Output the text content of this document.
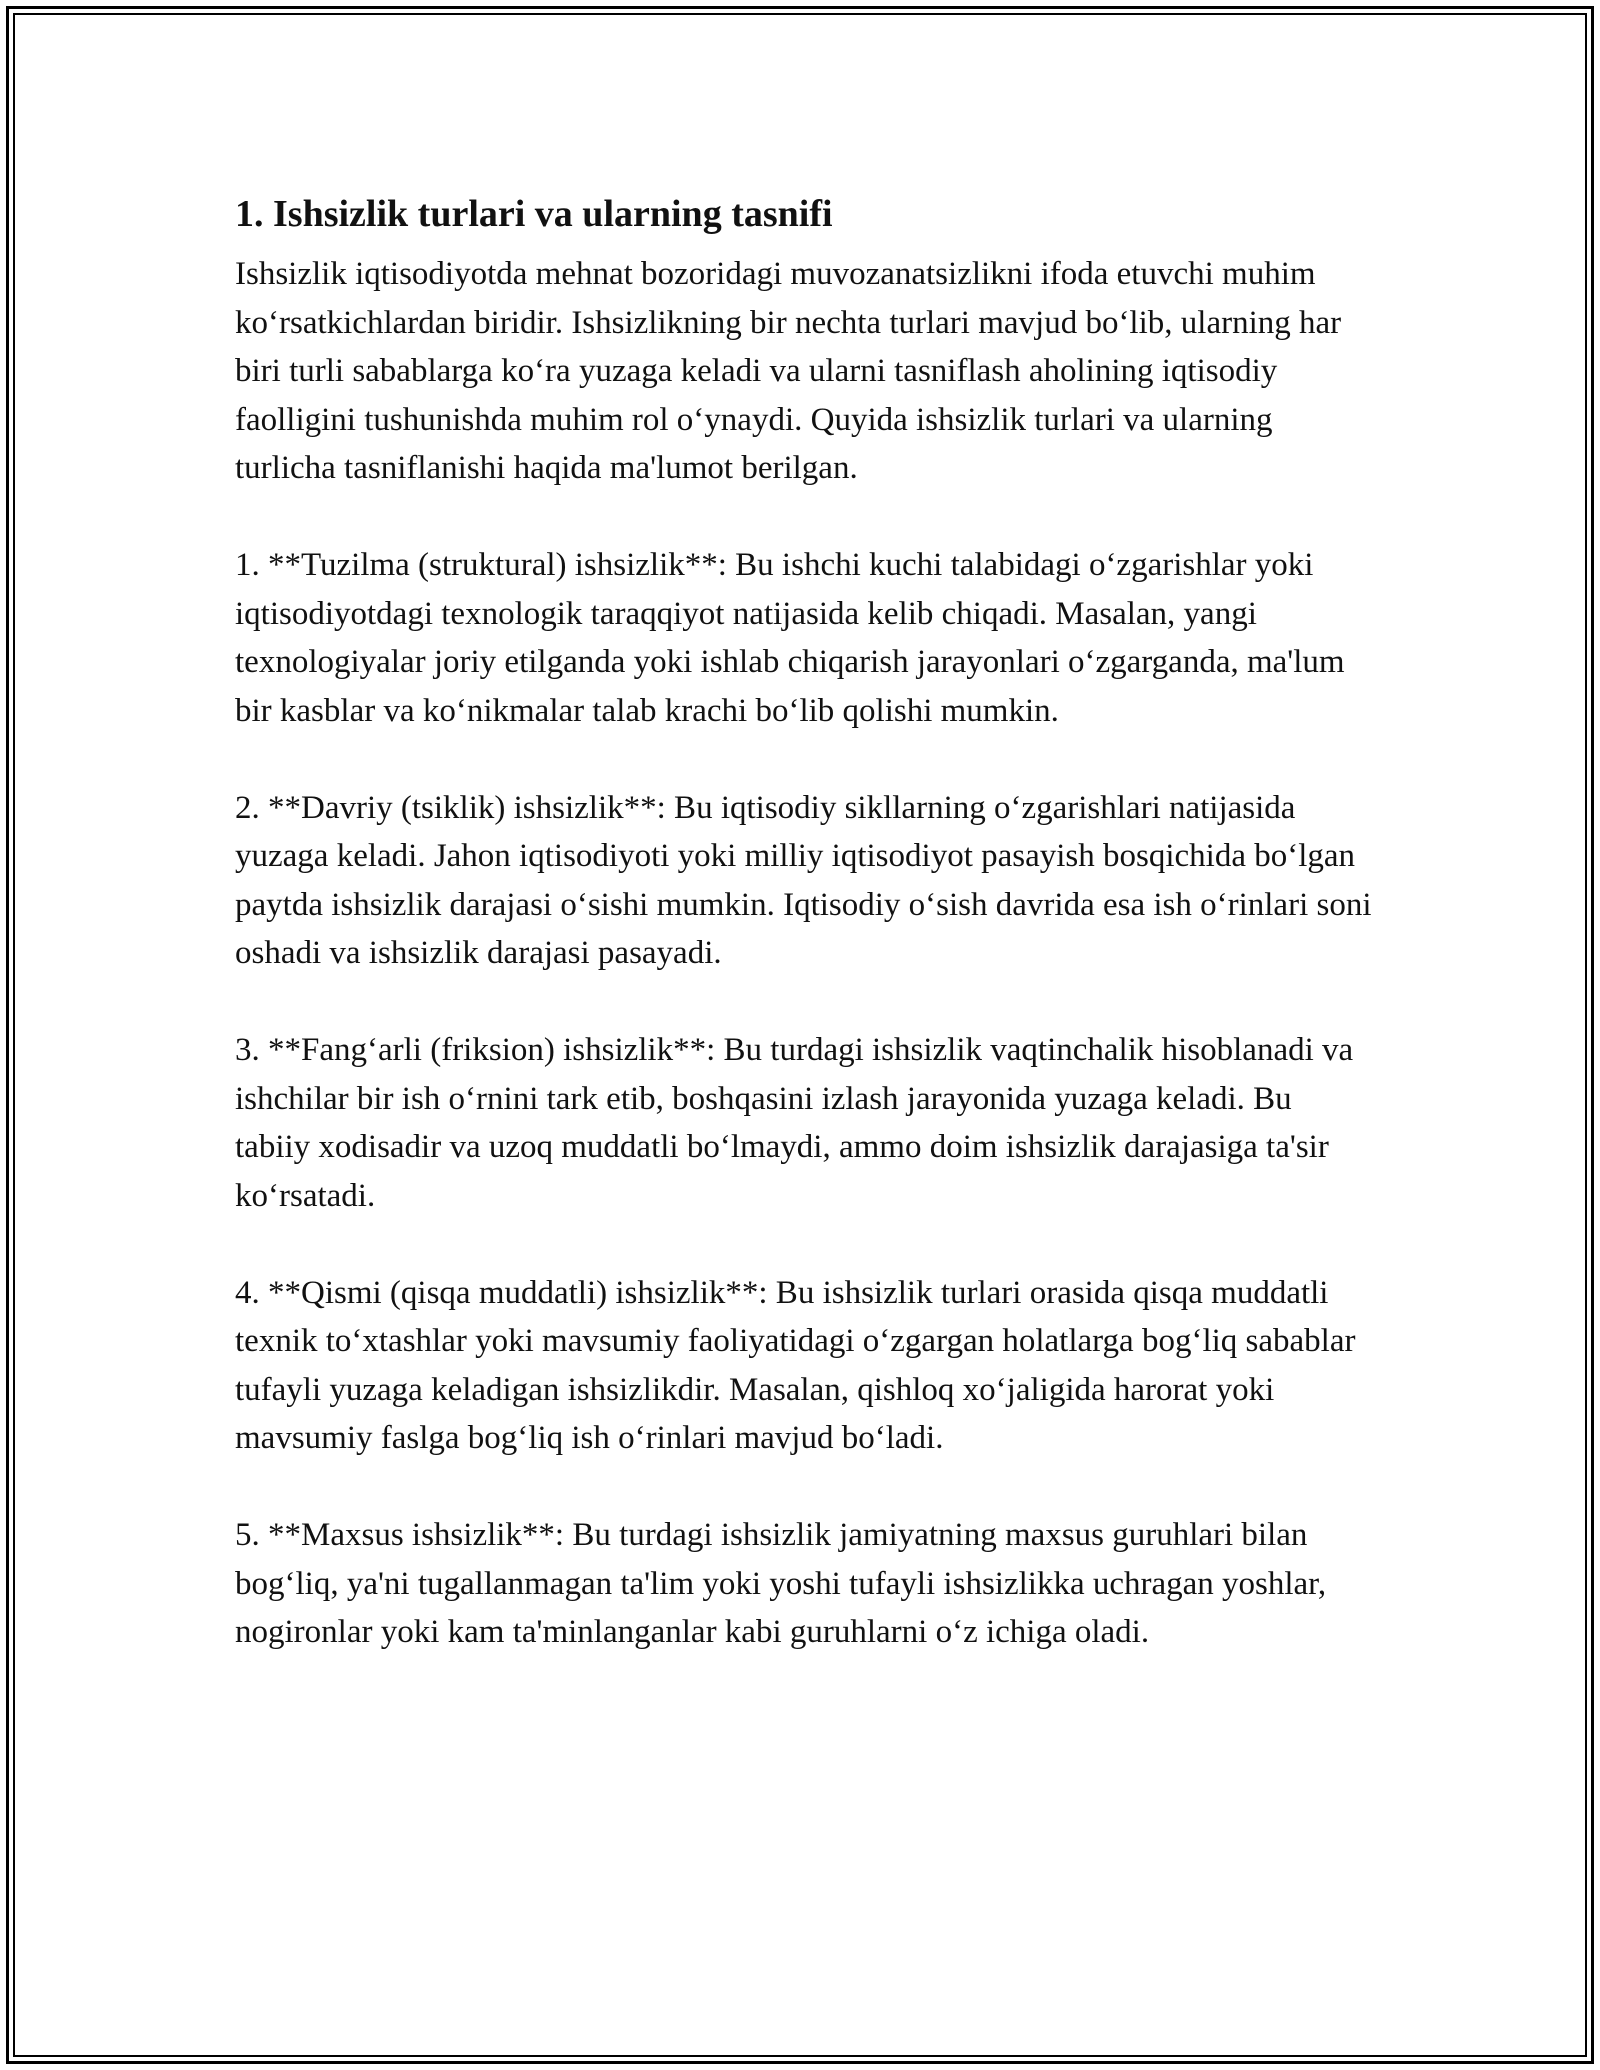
1. Ishsizlik turlari va ularning tasnifi

Ishsizlik iqtisodiyotda mehnat bozoridagi muvozanatsizlikni ifoda etuvchi muhim ko‘rsatkichlardan biridir. Ishsizlikning bir nechta turlari mavjud bo‘lib, ularning har biri turli sabablarga ko‘ra yuzaga keladi va ularni tasniflash aholining iqtisodiy faolligini tushunishda muhim rol o‘ynaydi. Quyida ishsizlik turlari va ularning turlicha tasniflanishi haqida ma'lumot berilgan.

1. **Tuzilma (struktural) ishsizlik**: Bu ishchi kuchi talabidagi o‘zgarishlar yoki iqtisodiyotdagi texnologik taraqqiyot natijasida kelib chiqadi. Masalan, yangi texnologiyalar joriy etilganda yoki ishlab chiqarish jarayonlari o‘zgarganda, ma'lum bir kasblar va ko‘nikmalar talab krachi bo‘lib qolishi mumkin.

2. **Davriy (tsiklik) ishsizlik**: Bu iqtisodiy sikllarning o‘zgarishlari natijasida yuzaga keladi. Jahon iqtisodiyoti yoki milliy iqtisodiyot pasayish bosqichida bo‘lgan paytda ishsizlik darajasi o‘sishi mumkin. Iqtisodiy o‘sish davrida esa ish o‘rinlari soni oshadi va ishsizlik darajasi pasayadi.

3. **Fang‘arli (friksion) ishsizlik**: Bu turdagi ishsizlik vaqtinchalik hisoblanadi va ishchilar bir ish o‘rnini tark etib, boshqasini izlash jarayonida yuzaga keladi. Bu tabiiy xodisadir va uzoq muddatli bo‘lmaydi, ammo doim ishsizlik darajasiga ta'sir ko‘rsatadi.

4. **Qismi (qisqa muddatli) ishsizlik**: Bu ishsizlik turlari orasida qisqa muddatli texnik to‘xtashlar yoki mavsumiy faoliyatidagi o‘zgargan holatlarga bog‘liq sabablar tufayli yuzaga keladigan ishsizlikdir. Masalan, qishloq xo‘jaligida harorat yoki mavsumiy faslga bog‘liq ish o‘rinlari mavjud bo‘ladi.

5. **Maxsus ishsizlik**: Bu turdagi ishsizlik jamiyatning maxsus guruhlari bilan bog‘liq, ya'ni tugallanmagan ta'lim yoki yoshi tufayli ishsizlikka uchragan yoshlar, nogironlar yoki kam ta'minlanganlar kabi guruhlarni o‘z ichiga oladi.
